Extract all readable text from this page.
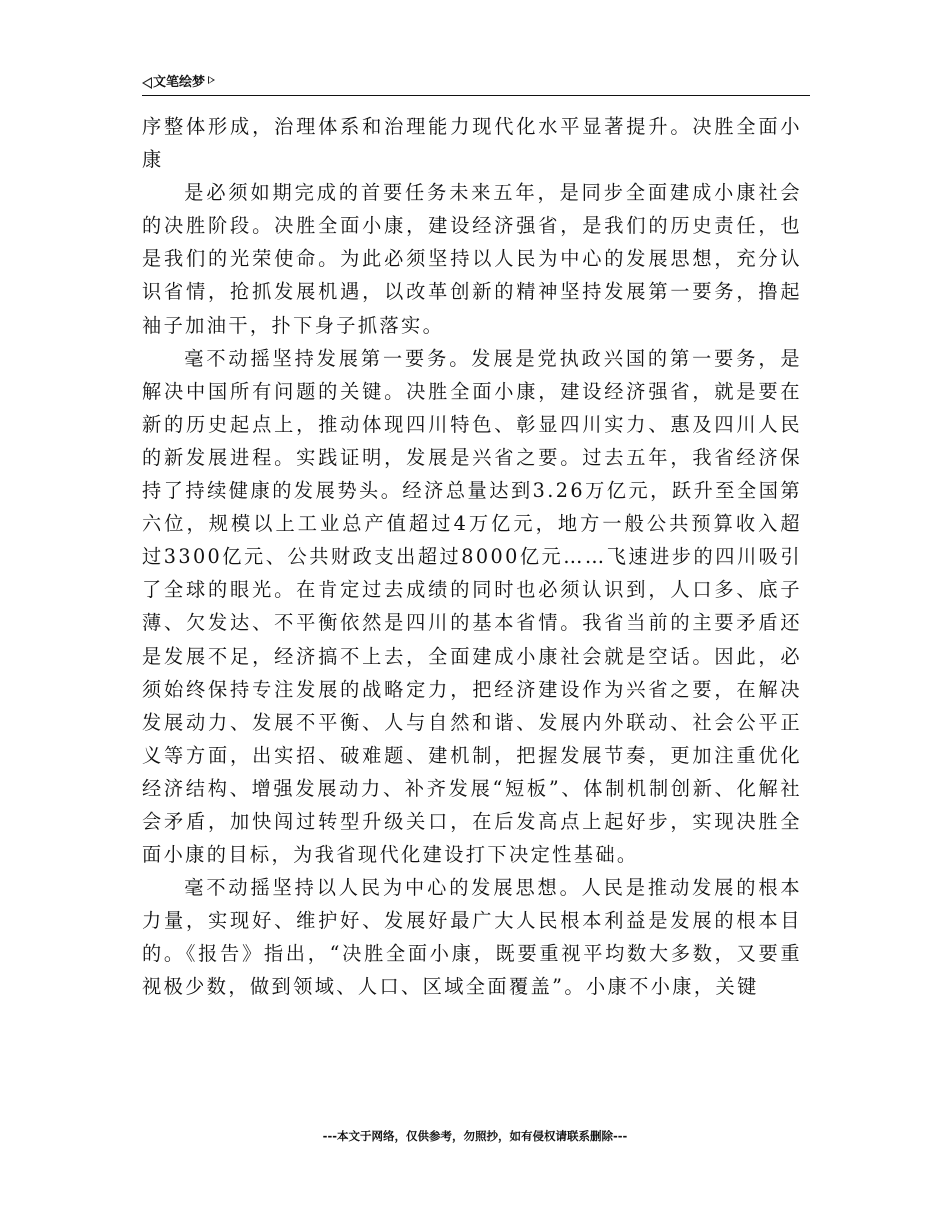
文笔绘梦

序整体形成，治理体系和治理能力现代化水平显著提升。决胜全面小康

是必须如期完成的首要任务未来五年，是同步全面建成小康社会的决胜阶段。决胜全面小康，建设经济强省，是我们的历史责任，也是我们的光荣使命。为此必须坚持以人民为中心的发展思想，充分认识省情，抢抓发展机遇，以改革创新的精神坚持发展第一要务，撸起袖子加油干，扑下身子抓落实。

毫不动摇坚持发展第一要务。发展是党执政兴国的第一要务，是解决中国所有问题的关键。决胜全面小康，建设经济强省，就是要在新的历史起点上，推动体现四川特色、彰显四川实力、惠及四川人民的新发展进程。实践证明，发展是兴省之要。过去五年，我省经济保持了持续健康的发展势头。经济总量达到3.26万亿元，跃升至全国第六位，规模以上工业总产值超过4万亿元，地方一般公共预算收入超过3300亿元、公共财政支出超过8000亿元……飞速进步的四川吸引了全球的眼光。在肯定过去成绩的同时也必须认识到，人口多、底子薄、欠发达、不平衡依然是四川的基本省情。我省当前的主要矛盾还是发展不足，经济搞不上去，全面建成小康社会就是空话。因此，必须始终保持专注发展的战略定力，把经济建设作为兴省之要，在解决发展动力、发展不平衡、人与自然和谐、发展内外联动、社会公平正义等方面，出实招、破难题、建机制，把握发展节奏，更加注重优化经济结构、增强发展动力、补齐发展“短板”、体制机制创新、化解社会矛盾，加快闯过转型升级关口，在后发高点上起好步，实现决胜全面小康的目标，为我省现代化建设打下决定性基础。

毫不动摇坚持以人民为中心的发展思想。人民是推动发展的根本力量，实现好、维护好、发展好最广大人民根本利益是发展的根本目的。《报告》指出，“决胜全面小康，既要重视平均数大多数，又要重视极少数，做到领域、人口、区域全面覆盖”。小康不小康，关键

---本文于网络，仅供参考，勿照抄，如有侵权请联系删除---
